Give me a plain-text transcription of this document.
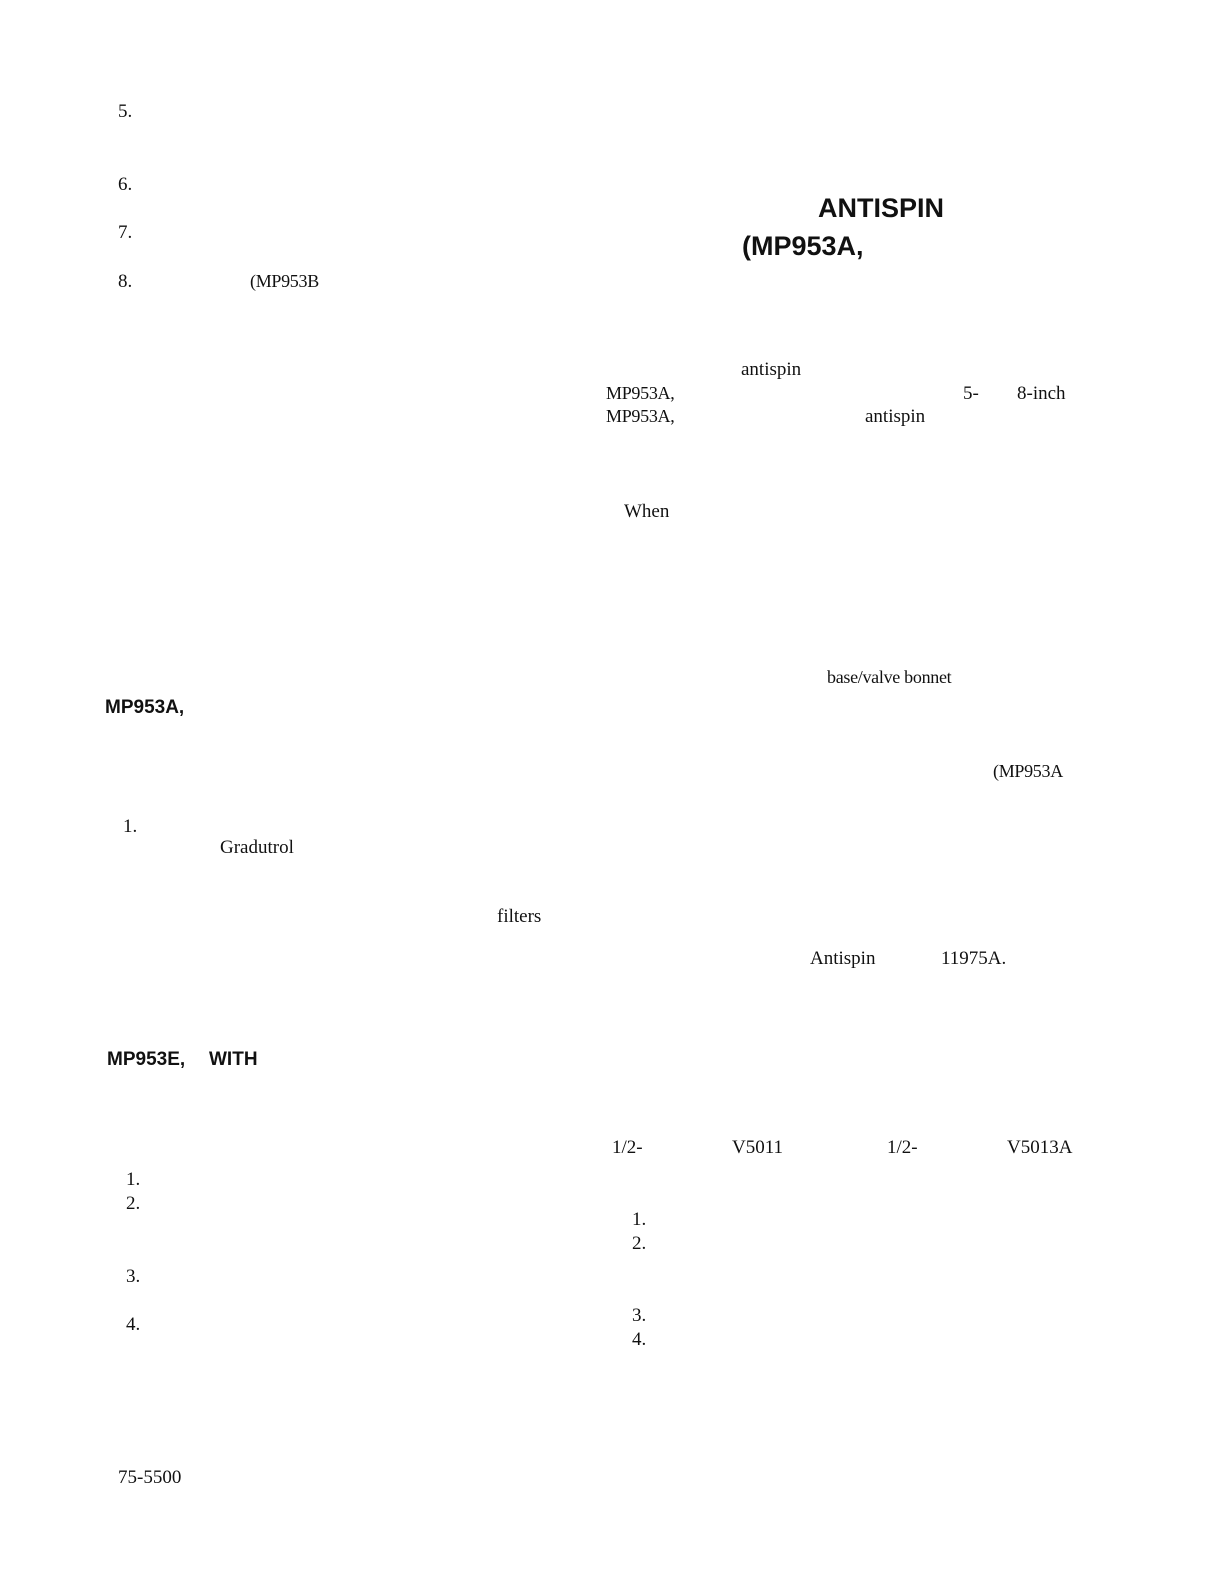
5.
6.
7.
8.	(MP953B
MP953A,
1.
Gradutrol
filters
MP953E, WITH
1.
2.
3.
4.
75-5500
ANTISPIN
(MP953A,
antispin
MP953A,	5- 8-inch
MP953A,	antispin
When
base/valve bonnet
(MP953A
Antispin	11975A.
1/2-	V5011	1/2-	V5013A
1.
2.
3.
4.
